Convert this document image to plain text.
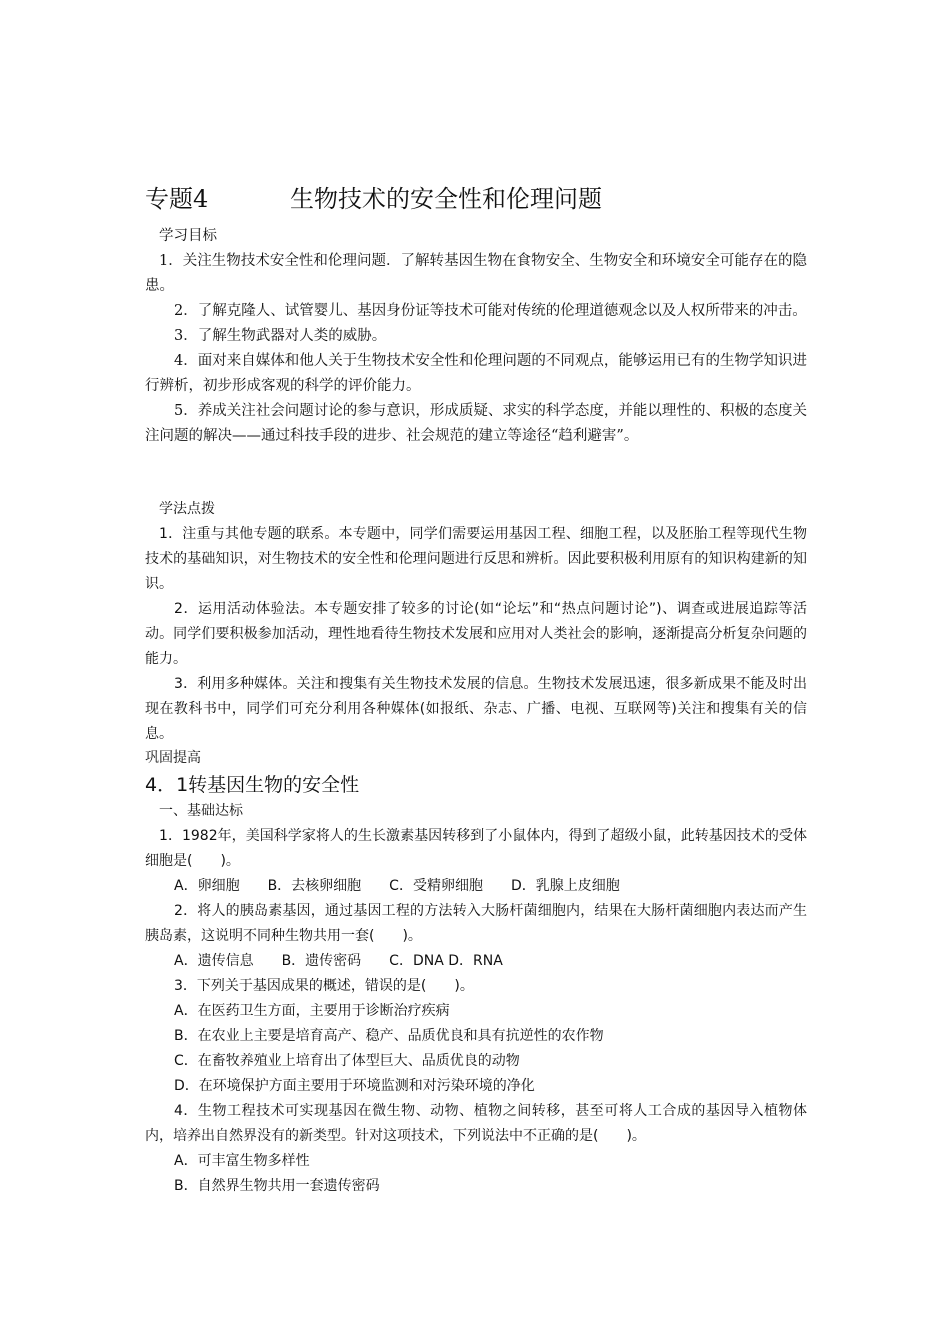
专题4	生物技术的安全性和伦理问题

学习目标

1．关注生物技术安全性和伦理问题．了解转基因生物在食物安全、生物安全和环境安全可能存在的隐患。

2．了解克隆人、试管婴儿、基因身份证等技术可能对传统的伦理道德观念以及人权所带来的冲击。

3．了解生物武器对人类的威胁。

4．面对来自媒体和他人关于生物技术安全性和伦理问题的不同观点，能够运用已有的生物学知识进行辨析，初步形成客观的科学的评价能力。

5．养成关注社会问题讨论的参与意识，形成质疑、求实的科学态度，并能以理性的、积极的态度关注问题的解决——通过科技手段的进步、社会规范的建立等途径“趋利避害”。

学法点拨

1．注重与其他专题的联系。本专题中，同学们需要运用基因工程、细胞工程，以及胚胎工程等现代生物技术的基础知识，对生物技术的安全性和伦理问题进行反思和辨析。因此要积极利用原有的知识构建新的知识。

2．运用活动体验法。本专题安排了较多的讨论(如“论坛”和“热点问题讨论”)、调查或进展追踪等活动。同学们要积极参加活动，理性地看待生物技术发展和应用对人类社会的影响，逐渐提高分析复杂问题的能力。

3．利用多种媒体。关注和搜集有关生物技术发展的信息。生物技术发展迅速，很多新成果不能及时出现在教科书中，同学们可充分利用各种媒体(如报纸、杂志、广播、电视、互联网等)关注和搜集有关的信息。

巩固提高

4．1转基因生物的安全性

一、基础达标

1．1982年，美国科学家将人的生长激素基因转移到了小鼠体内，得到了超级小鼠，此转基因技术的受体细胞是(　　)。

A．卵细胞　　B．去核卵细胞　　C．受精卵细胞　　D．乳腺上皮细胞

2．将人的胰岛素基因，通过基因工程的方法转入大肠杆菌细胞内，结果在大肠杆菌细胞内表达而产生胰岛素，这说明不同种生物共用一套(　　)。

A．遗传信息　　B．遗传密码　　C．DNA D．RNA

3．下列关于基因成果的概述，错误的是(　　)。

A．在医药卫生方面，主要用于诊断治疗疾病

B．在农业上主要是培育高产、稳产、品质优良和具有抗逆性的农作物

C．在畜牧养殖业上培育出了体型巨大、品质优良的动物

D．在环境保护方面主要用于环境监测和对污染环境的净化

4．生物工程技术可实现基因在微生物、动物、植物之间转移，甚至可将人工合成的基因导入植物体内，培养出自然界没有的新类型。针对这项技术，下列说法中不正确的是(　　)。

A．可丰富生物多样性

B．自然界生物共用一套遗传密码
